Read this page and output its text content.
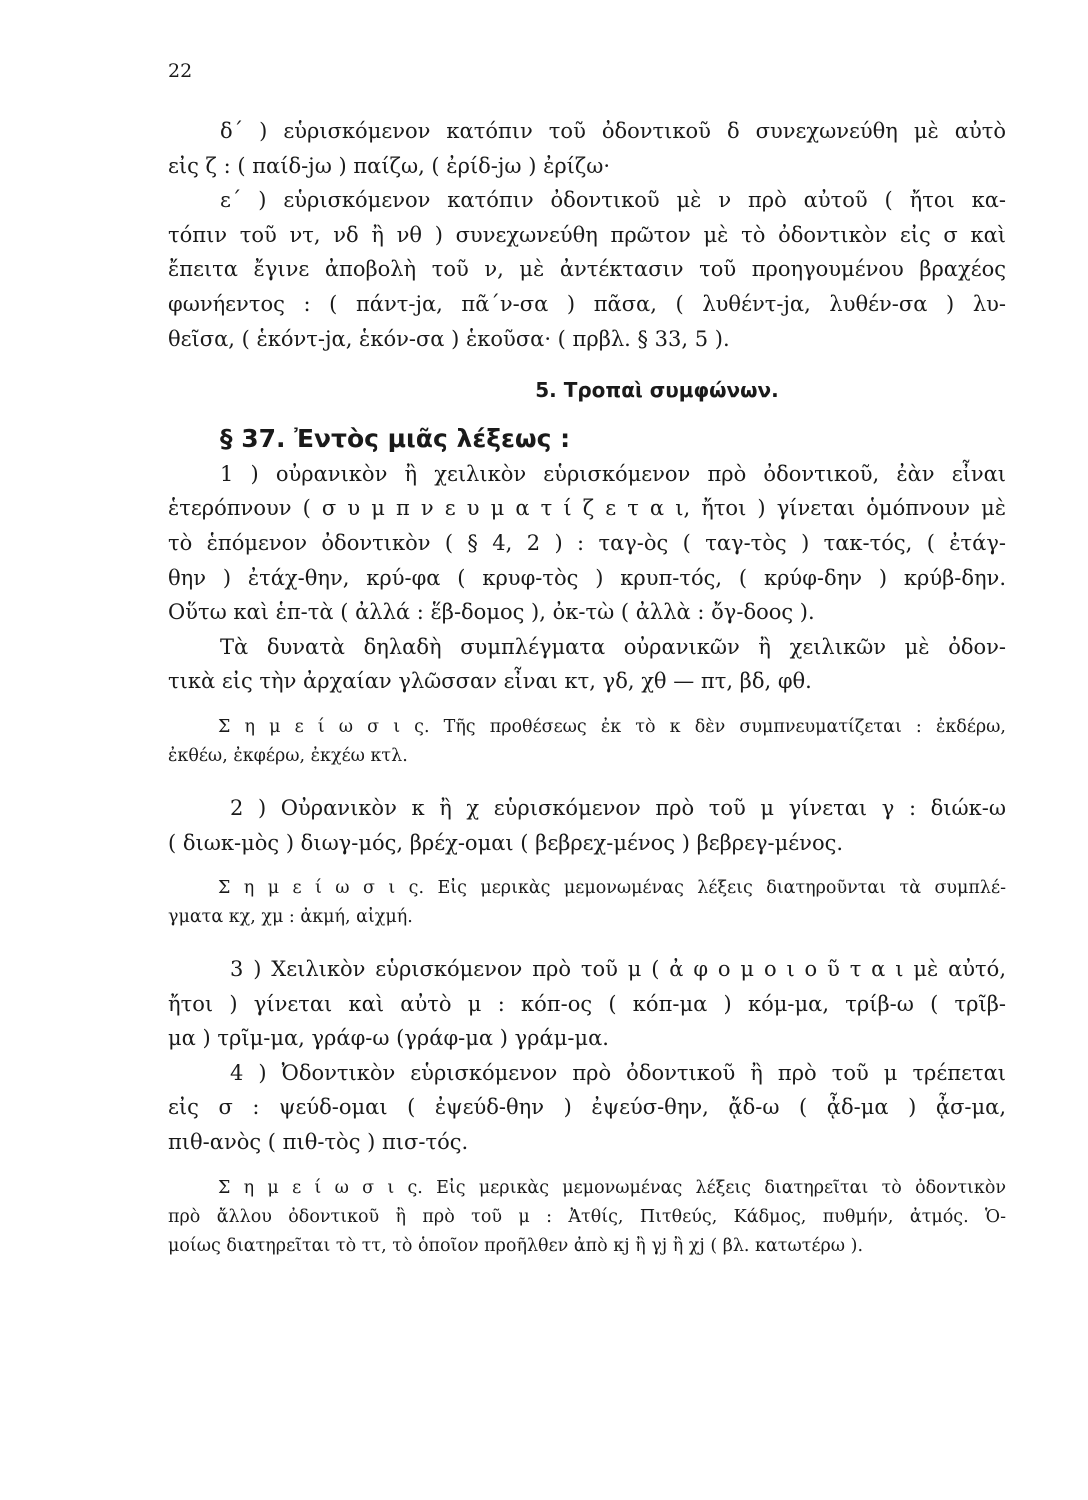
22
δ΄ ) εὑρισκόμενον κατόπιν τοῦ ὀδοντικοῦ δ συνεχωνεύθη μὲ αὐτὸ
εἰς ζ : ( παίδ-jω ) παίζω, ( ἐρίδ-jω ) ἐρίζω·
ε΄ ) εὑρισκόμενον κατόπιν ὀδοντικοῦ μὲ ν πρὸ αὐτοῦ ( ἤτοι κα-
τόπιν τοῦ ντ, νδ ἢ νθ ) συνεχωνεύθη πρῶτον μὲ τὸ ὀδοντικὸν εἰς σ καὶ
ἔπειτα ἔγινε ἀποβολὴ τοῦ ν, μὲ ἀντέκτασιν τοῦ προηγουμένου βραχέος
φωνήεντος : ( πάντ-jα, πᾶ΄ν-σα ) πᾶσα, ( λυθέντ-jα, λυθέν-σα ) λυ-
θεῖσα, ( ἑκόντ-jα, ἑκόν-σα ) ἑκοῦσα· ( πρβλ. § 33, 5 ).
5. Τροπαὶ συμφώνων.
§ 37. Ἐντὸς μιᾶς λέξεως :
1 ) οὐρανικὸν ἢ χειλικὸν εὑρισκόμενον πρὸ ὀδοντικοῦ, ἐὰν εἶναι
ἑτερόπνουν ( σ υ μ π ν ε υ μ α τ ί ζ ε τ α ι, ἤτοι ) γίνεται ὁμόπνουν μὲ
τὸ ἑπόμενον ὀδοντικὸν ( § 4, 2 ) : ταγ-ὸς ( ταγ-τὸς ) τακ-τός, ( ἐτάγ-
θην ) ἐτάχ-θην, κρύ-φα ( κρυφ-τὸς ) κρυπ-τός, ( κρύφ-δην ) κρύβ-δην.
Οὕτω καὶ ἑπ-τὰ ( ἀλλά : ἕβ-δομος ), ὀκ-τὼ ( ἀλλὰ : ὄγ-δοος ).
Τὰ δυνατὰ δηλαδὴ συμπλέγματα οὐρανικῶν ἢ χειλικῶν μὲ ὀδον-
τικὰ εἰς τὴν ἀρχαίαν γλῶσσαν εἶναι κτ, γδ, χθ — πτ, βδ, φθ.
Σ η μ ε ί ω σ ι ς. Τῆς προθέσεως ἐκ τὸ κ δὲν συμπνευματίζεται : ἐκδέρω,
ἐκθέω, ἐκφέρω, ἐκχέω κτλ.
2 ) Οὐρανικὸν κ ἢ χ εὑρισκόμενον πρὸ τοῦ μ γίνεται γ : διώκ-ω
( διωκ-μὸς ) διωγ-μός, βρέχ-ομαι ( βεβρεχ-μένος ) βεβρεγ-μένος.
Σ η μ ε ί ω σ ι ς. Εἰς μερικὰς μεμονωμένας λέξεις διατηροῦνται τὰ συμπλέ-
γματα κχ, χμ : ἀκμή, αἰχμή.
3 ) Χειλικὸν εὑρισκόμενον πρὸ τοῦ μ ( ἀ φ ο μ ο ι ο ῦ τ α ι μὲ αὐτό,
ἤτοι ) γίνεται καὶ αὐτὸ μ : κόπ-ος ( κόπ-μα ) κόμ-μα, τρίβ-ω ( τρῖβ-
μα ) τρῖμ-μα, γράφ-ω (γράφ-μα ) γράμ-μα.
4 ) Ὀδοντικὸν εὑρισκόμενον πρὸ ὀδοντικοῦ ἢ πρὸ τοῦ μ τρέπεται
εἰς σ : ψεύδ-ομαι ( ἐψεύδ-θην ) ἐψεύσ-θην, ᾄδ-ω ( ᾆδ-μα ) ᾆσ-μα,
πιθ-ανὸς ( πιθ-τὸς ) πισ-τός.
Σ η μ ε ί ω σ ι ς. Εἰς μερικὰς μεμονωμένας λέξεις διατηρεῖται τὸ ὀδοντικὸν
πρὸ ἄλλου ὀδοντικοῦ ἢ πρὸ τοῦ μ : Ἀτθίς, Πιτθεύς, Κάδμος, πυθμήν, ἀτμός. Ὁ-
μοίως διατηρεῖται τὸ ττ, τὸ ὁποῖον προῆλθεν ἀπὸ κj ἢ γj ἢ χj ( βλ. κατωτέρω ).
